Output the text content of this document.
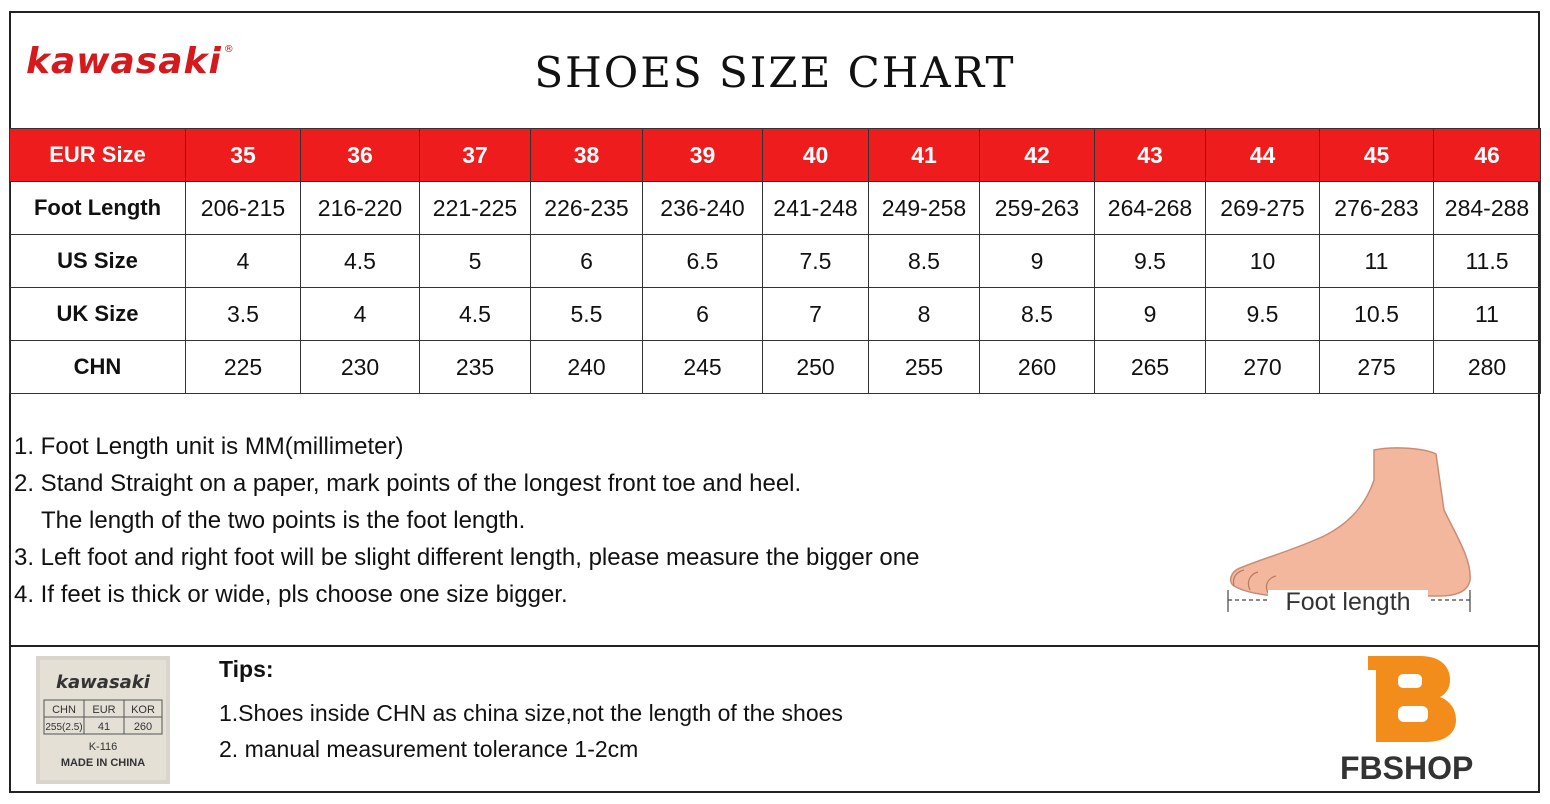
kawasaki ®	SHOES SIZE CHART
EUR Size	35	36	37	38	39	40	41	42	43	44	45	46
Foot Length	206-215	216-220	221-225	226-235	236-240	241-248	249-258	259-263	264-268	269-275	276-283	284-288
US Size	4	4.5	5	6	6.5	7.5	8.5	9	9.5	10	11	11.5
UK Size	3.5	4	4.5	5.5	6	7	8	8.5	9	9.5	10.5	11
CHN	225	230	235	240	245	250	255	260	265	270	275	280
1. Foot Length unit is MM(millimeter)
2. Stand Straight on a paper, mark points of the longest front toe and heel.
The length of the two points is the foot length.
3. Left foot and right foot will be slight different length, please measure the bigger one
4. If feet is thick or wide, pls choose one size bigger.	Foot length
kawasaki
CHN EUR KOR
255(2.5) 41 260
K-116
MADE IN CHINA
Tips:
1.Shoes inside CHN as china size,not the length of the shoes
2. manual measurement tolerance 1-2cm
FBSHOP
